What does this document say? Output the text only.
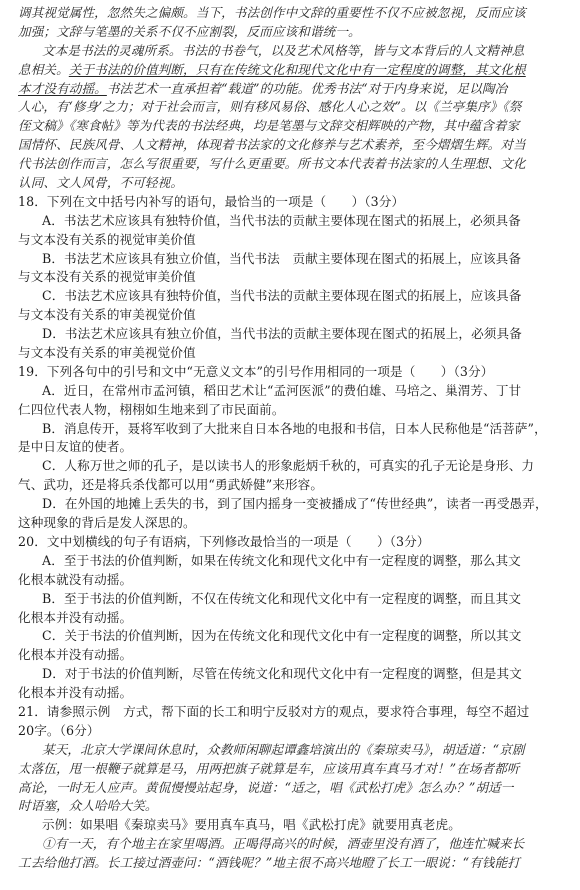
调其视觉属性，忽然失之偏颇。当下，书法创作中文辞的重要性不仅不应被忽视，反而应该
加强；文辞与笔墨的关系不仅不应割裂，反而应该和谐统一。
文本是书法的灵魂所系。书法的书卷气，以及艺术风格等，皆与文本背后的人文精神息
息相关。关于书法的价值判断，只有在传统文化和现代文化中有一定程度的调整，其文化根
本才没有动摇。书法艺术一直承担着“载道”的功能。优秀书法“对于内身来说，足以陶冶
人心，有‘修身’之力；对于社会而言，则有移风易俗、感化人心之效”。以《兰亭集序》《祭
侄文稿》《寒食帖》等为代表的书法经典，均是笔墨与文辞交相辉映的产物，其中蕴含着家
国情怀、民族风骨、人文精神，体现着书法家的文化修养与艺术素养，至今熠熠生辉。对当
代书法创作而言，怎么写很重要，写什么更重要。所书文本代表着书法家的人生理想、文化
认同、文人风骨，不可轻视。
18．下列在文中括号内补写的语句，最恰当的一项是（　　）（3分）
A．书法艺术应该具有独特价值，当代书法的贡献主要体现在图式的拓展上，必须具备
与文本没有关系的视觉审美价值
B．书法艺术应该具有独立价值，当代书法　贡献主要体现在图式的拓展上，应该具备
与文本没有关系的视觉审美价值
C．书法艺术应该具有独特价值，当代书法的贡献主要体现在图式的拓展上，应该具备
与文本没有关系的审美视觉价值
D．书法艺术应该具有独立价值，当代书法的贡献主要体现在图式的拓展上，必须具备
与文本没有关系的审美视觉价值
19．下列各句中的引号和文中“无意义文本”的引号作用相同的一项是（　　）（3分）
A．近日，在常州市孟河镇，稻田艺术让“孟河医派”的费伯雄、马培之、巢渭芳、丁甘
仁四位代表人物，栩栩如生地来到了市民面前。
B．消息传开，聂将军收到了大批来自日本各地的电报和书信，日本人民称他是“活菩萨”，
是中日友谊的使者。
C．人称万世之师的孔子，是以读书人的形象彪炳千秋的，可真实的孔子无论是身形、力
气、武功，还是将兵杀伐都可以用“勇武娇健”来形容。
D．在外国的地摊上丢失的书，到了国内摇身一变被播成了“传世经典”，读者一再受愚弄，
这种现象的背后是发人深思的。
20．文中划横线的句子有语病，下列修改最恰当的一项是（　　）（3分）
A．至于书法的价值判断，如果在传统文化和现代文化中有一定程度的调整，那么其文
化根本就没有动摇。
B．至于书法的价值判断，不仅在传统文化和现代文化中有一定程度的调整，而且其文
化根本并没有动摇。
C．关于书法的价值判断，因为在传统文化和现代文化中有一定程度的调整，所以其文
化根本并没有动摇。
D．对于书法的价值判断，尽管在传统文化和现代文化中有一定程度的调整，但是其文
化根本并没有动摇。
21．请参照示例　方式，帮下面的长工和明宁反驳对方的观点，要求符合事理，每空不超过
20字。（6分）
某天，北京大学课间休息时，众教师闲聊起谭鑫培演出的《秦琼卖马》，胡适道：“京剧
太落伍，甩一根鞭子就算是马，用两把旗子就算是车，应该用真车真马才对！”在场者都听
高论，一时无人应声。黄侃慢慢站起身，说道：“适之，唱《武松打虎》怎么办？”胡适一
时语塞，众人哈哈大笑。
示例：如果唱《秦琼卖马》要用真车真马，唱《武松打虎》就要用真老虎。
①有一天，有个地主在家里喝酒。正喝得高兴的时候，酒壶里没有酒了，他连忙喊来长
工去给他打酒。长工接过酒壶问：“酒钱呢？”地主很不高兴地瞪了长工一眼说：“有钱能打
